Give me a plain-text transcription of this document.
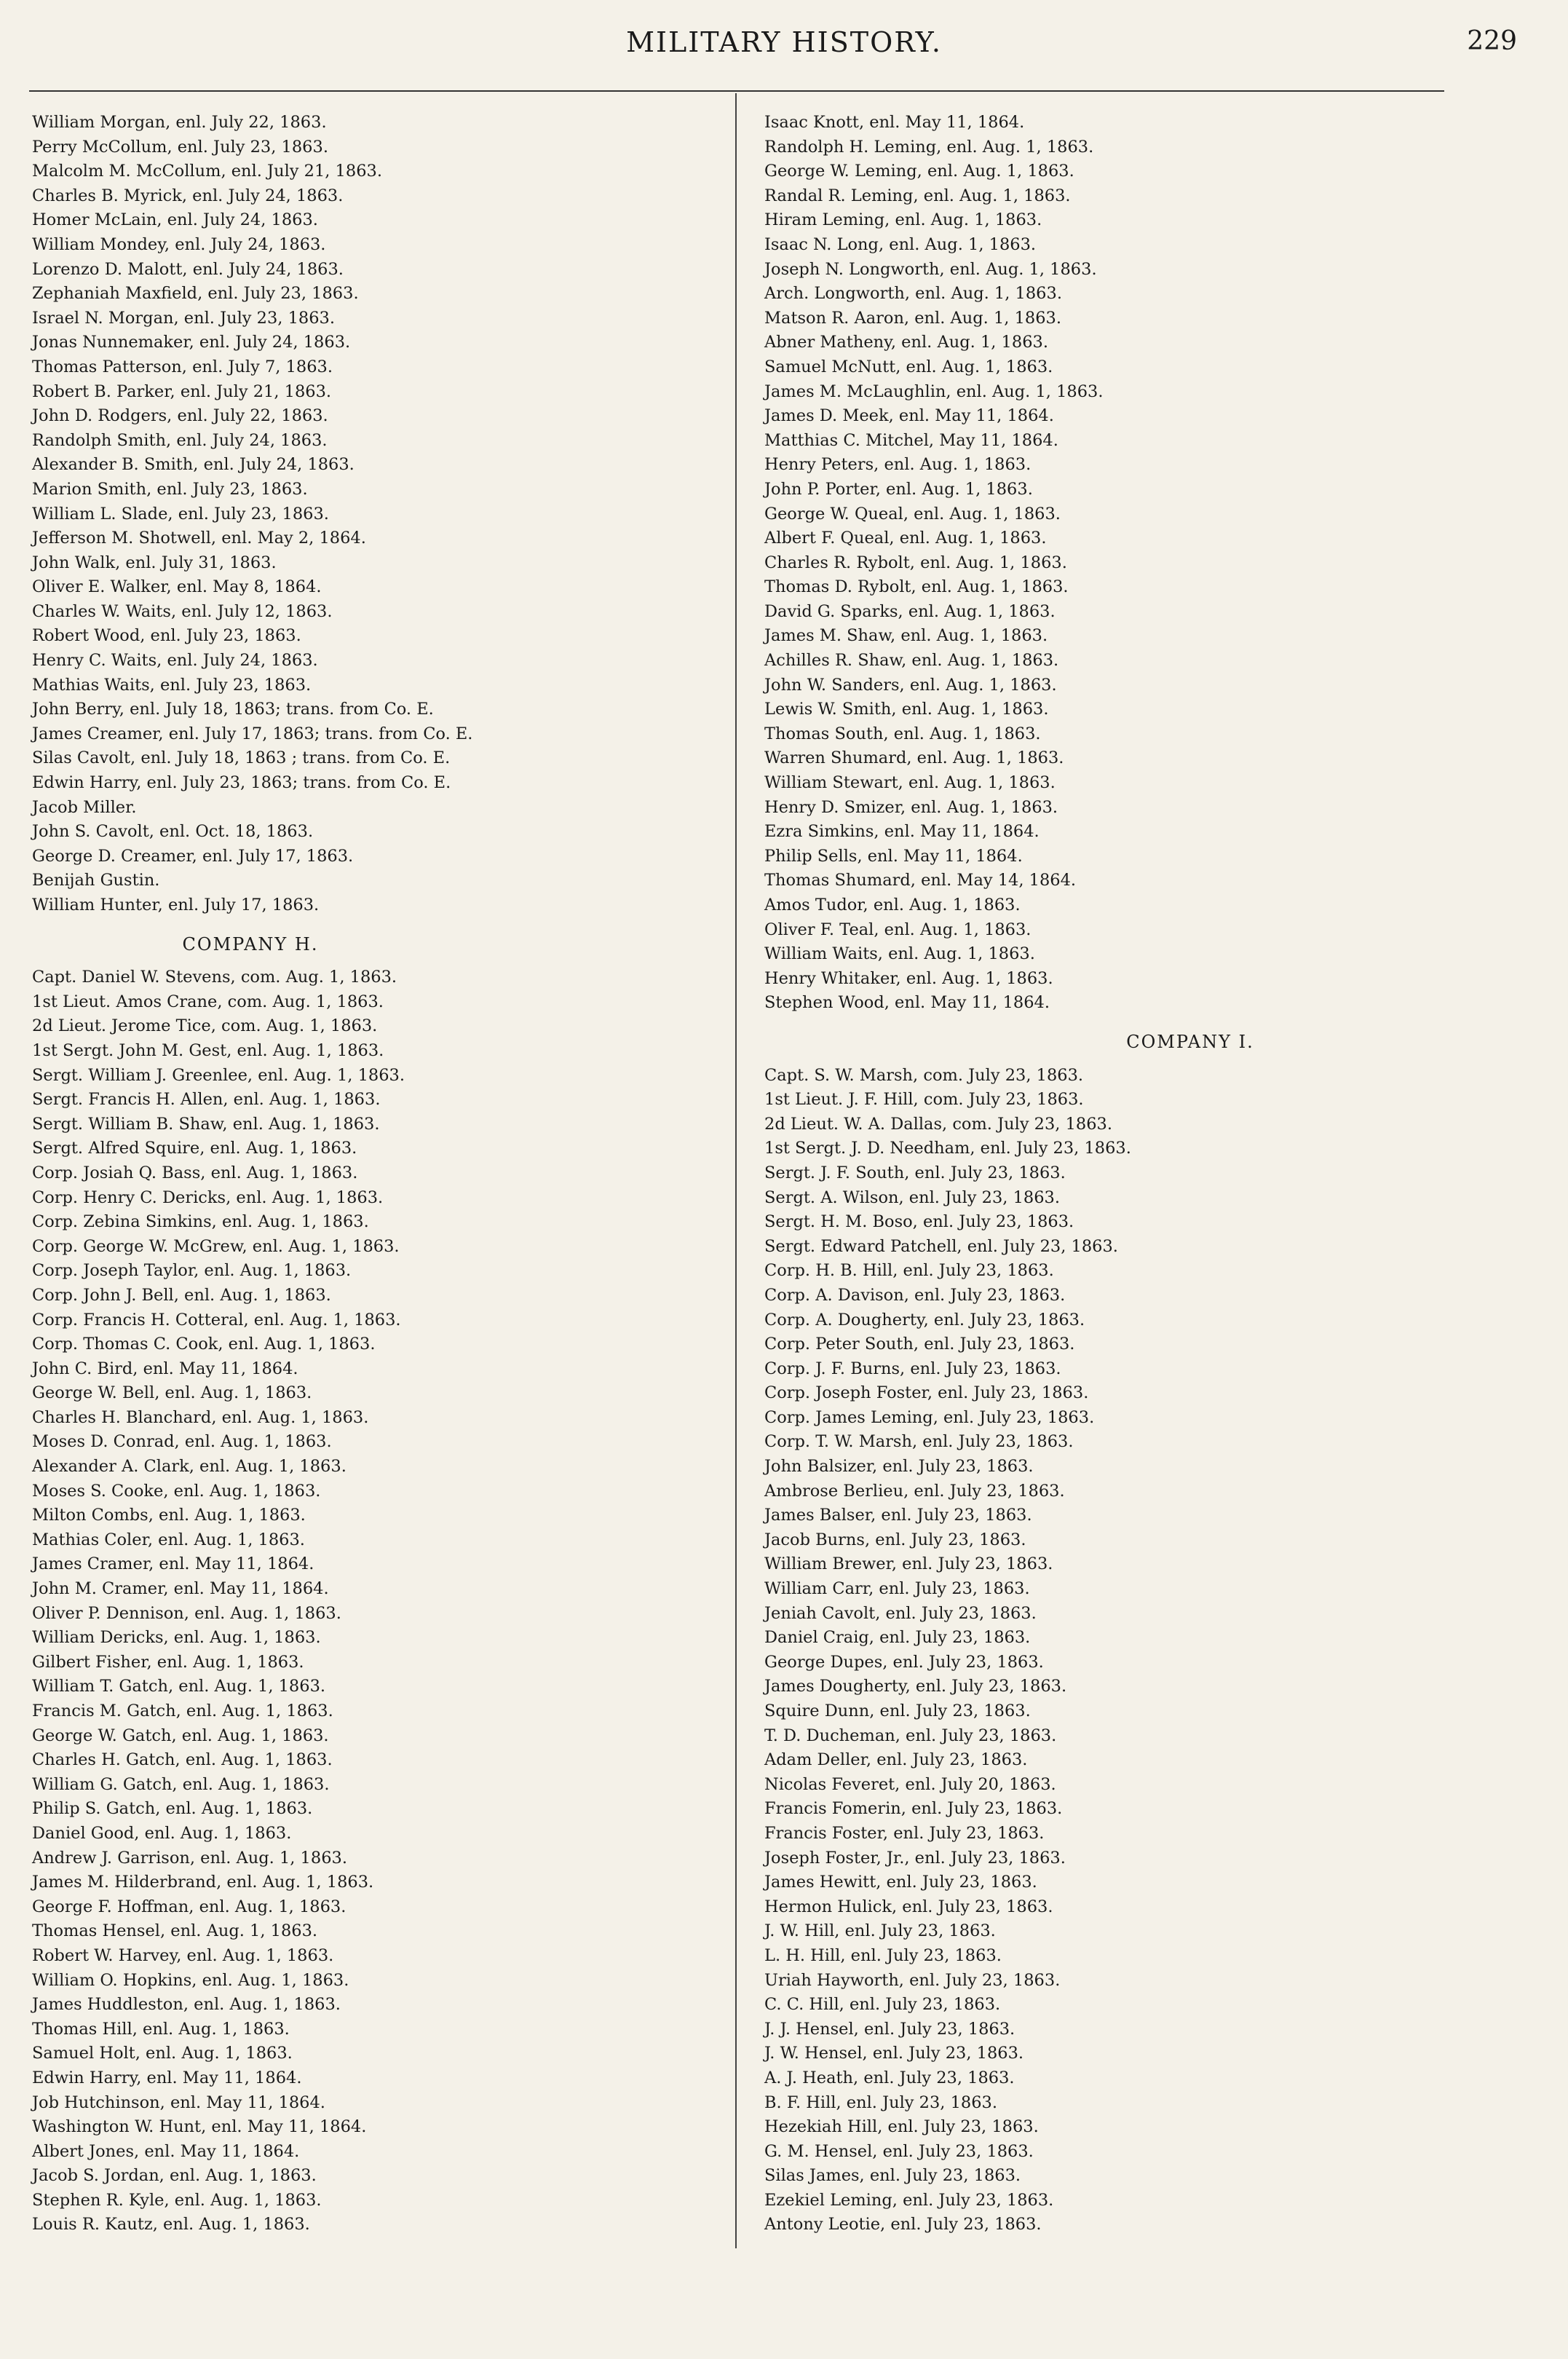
MILITARY HISTORY.	229
William Morgan, enl. July 22, 1863.
Perry McCollum, enl. July 23, 1863.
Malcolm M. McCollum, enl. July 21, 1863.
Charles B. Myrick, enl. July 24, 1863.
Homer McLain, enl. July 24, 1863.
William Mondey, enl. July 24, 1863.
Lorenzo D. Malott, enl. July 24, 1863.
Zephaniah Maxfield, enl. July 23, 1863.
Israel N. Morgan, enl. July 23, 1863.
Jonas Nunnemaker, enl. July 24, 1863.
Thomas Patterson, enl. July 7, 1863.
Robert B. Parker, enl. July 21, 1863.
John D. Rodgers, enl. July 22, 1863.
Randolph Smith, enl. July 24, 1863.
Alexander B. Smith, enl. July 24, 1863.
Marion Smith, enl. July 23, 1863.
William L. Slade, enl. July 23, 1863.
Jefferson M. Shotwell, enl. May 2, 1864.
John Walk, enl. July 31, 1863.
Oliver E. Walker, enl. May 8, 1864.
Charles W. Waits, enl. July 12, 1863.
Robert Wood, enl. July 23, 1863.
Henry C. Waits, enl. July 24, 1863.
Mathias Waits, enl. July 23, 1863.
John Berry, enl. July 18, 1863; trans. from Co. E.
James Creamer, enl. July 17, 1863; trans. from Co. E.
Silas Cavolt, enl. July 18, 1863 ; trans. from Co. E.
Edwin Harry, enl. July 23, 1863; trans. from Co. E.
Jacob Miller.
John S. Cavolt, enl. Oct. 18, 1863.
George D. Creamer, enl. July 17, 1863.
Benijah Gustin.
William Hunter, enl. July 17, 1863.
COMPANY H.
Capt. Daniel W. Stevens, com. Aug. 1, 1863.
1st Lieut. Amos Crane, com. Aug. 1, 1863.
2d Lieut. Jerome Tice, com. Aug. 1, 1863.
1st Sergt. John M. Gest, enl. Aug. 1, 1863.
Sergt. William J. Greenlee, enl. Aug. 1, 1863.
Sergt. Francis H. Allen, enl. Aug. 1, 1863.
Sergt. William B. Shaw, enl. Aug. 1, 1863.
Sergt. Alfred Squire, enl. Aug. 1, 1863.
Corp. Josiah Q. Bass, enl. Aug. 1, 1863.
Corp. Henry C. Dericks, enl. Aug. 1, 1863.
Corp. Zebina Simkins, enl. Aug. 1, 1863.
Corp. George W. McGrew, enl. Aug. 1, 1863.
Corp. Joseph Taylor, enl. Aug. 1, 1863.
Corp. John J. Bell, enl. Aug. 1, 1863.
Corp. Francis H. Cotteral, enl. Aug. 1, 1863.
Corp. Thomas C. Cook, enl. Aug. 1, 1863.
John C. Bird, enl. May 11, 1864.
George W. Bell, enl. Aug. 1, 1863.
Charles H. Blanchard, enl. Aug. 1, 1863.
Moses D. Conrad, enl. Aug. 1, 1863.
Alexander A. Clark, enl. Aug. 1, 1863.
Moses S. Cooke, enl. Aug. 1, 1863.
Milton Combs, enl. Aug. 1, 1863.
Mathias Coler, enl. Aug. 1, 1863.
James Cramer, enl. May 11, 1864.
John M. Cramer, enl. May 11, 1864.
Oliver P. Dennison, enl. Aug. 1, 1863.
William Dericks, enl. Aug. 1, 1863.
Gilbert Fisher, enl. Aug. 1, 1863.
William T. Gatch, enl. Aug. 1, 1863.
Francis M. Gatch, enl. Aug. 1, 1863.
George W. Gatch, enl. Aug. 1, 1863.
Charles H. Gatch, enl. Aug. 1, 1863.
William G. Gatch, enl. Aug. 1, 1863.
Philip S. Gatch, enl. Aug. 1, 1863.
Daniel Good, enl. Aug. 1, 1863.
Andrew J. Garrison, enl. Aug. 1, 1863.
James M. Hilderbrand, enl. Aug. 1, 1863.
George F. Hoffman, enl. Aug. 1, 1863.
Thomas Hensel, enl. Aug. 1, 1863.
Robert W. Harvey, enl. Aug. 1, 1863.
William O. Hopkins, enl. Aug. 1, 1863.
James Huddleston, enl. Aug. 1, 1863.
Thomas Hill, enl. Aug. 1, 1863.
Samuel Holt, enl. Aug. 1, 1863.
Edwin Harry, enl. May 11, 1864.
Job Hutchinson, enl. May 11, 1864.
Washington W. Hunt, enl. May 11, 1864.
Albert Jones, enl. May 11, 1864.
Jacob S. Jordan, enl. Aug. 1, 1863.
Stephen R. Kyle, enl. Aug. 1, 1863.
Louis R. Kautz, enl. Aug. 1, 1863.
Isaac Knott, enl. May 11, 1864.
Randolph H. Leming, enl. Aug. 1, 1863.
George W. Leming, enl. Aug. 1, 1863.
Randal R. Leming, enl. Aug. 1, 1863.
Hiram Leming, enl. Aug. 1, 1863.
Isaac N. Long, enl. Aug. 1, 1863.
Joseph N. Longworth, enl. Aug. 1, 1863.
Arch. Longworth, enl. Aug. 1, 1863.
Matson R. Aaron, enl. Aug. 1, 1863.
Abner Matheny, enl. Aug. 1, 1863.
Samuel McNutt, enl. Aug. 1, 1863.
James M. McLaughlin, enl. Aug. 1, 1863.
James D. Meek, enl. May 11, 1864.
Matthias C. Mitchel, May 11, 1864.
Henry Peters, enl. Aug. 1, 1863.
John P. Porter, enl. Aug. 1, 1863.
George W. Queal, enl. Aug. 1, 1863.
Albert F. Queal, enl. Aug. 1, 1863.
Charles R. Rybolt, enl. Aug. 1, 1863.
Thomas D. Rybolt, enl. Aug. 1, 1863.
David G. Sparks, enl. Aug. 1, 1863.
James M. Shaw, enl. Aug. 1, 1863.
Achilles R. Shaw, enl. Aug. 1, 1863.
John W. Sanders, enl. Aug. 1, 1863.
Lewis W. Smith, enl. Aug. 1, 1863.
Thomas South, enl. Aug. 1, 1863.
Warren Shumard, enl. Aug. 1, 1863.
William Stewart, enl. Aug. 1, 1863.
Henry D. Smizer, enl. Aug. 1, 1863.
Ezra Simkins, enl. May 11, 1864.
Philip Sells, enl. May 11, 1864.
Thomas Shumard, enl. May 14, 1864.
Amos Tudor, enl. Aug. 1, 1863.
Oliver F. Teal, enl. Aug. 1, 1863.
William Waits, enl. Aug. 1, 1863.
Henry Whitaker, enl. Aug. 1, 1863.
Stephen Wood, enl. May 11, 1864.
COMPANY I.
Capt. S. W. Marsh, com. July 23, 1863.
1st Lieut. J. F. Hill, com. July 23, 1863.
2d Lieut. W. A. Dallas, com. July 23, 1863.
1st Sergt. J. D. Needham, enl. July 23, 1863.
Sergt. J. F. South, enl. July 23, 1863.
Sergt. A. Wilson, enl. July 23, 1863.
Sergt. H. M. Boso, enl. July 23, 1863.
Sergt. Edward Patchell, enl. July 23, 1863.
Corp. H. B. Hill, enl. July 23, 1863.
Corp. A. Davison, enl. July 23, 1863.
Corp. A. Dougherty, enl. July 23, 1863.
Corp. Peter South, enl. July 23, 1863.
Corp. J. F. Burns, enl. July 23, 1863.
Corp. Joseph Foster, enl. July 23, 1863.
Corp. James Leming, enl. July 23, 1863.
Corp. T. W. Marsh, enl. July 23, 1863.
John Balsizer, enl. July 23, 1863.
Ambrose Berlieu, enl. July 23, 1863.
James Balser, enl. July 23, 1863.
Jacob Burns, enl. July 23, 1863.
William Brewer, enl. July 23, 1863.
William Carr, enl. July 23, 1863.
Jeniah Cavolt, enl. July 23, 1863.
Daniel Craig, enl. July 23, 1863.
George Dupes, enl. July 23, 1863.
James Dougherty, enl. July 23, 1863.
Squire Dunn, enl. July 23, 1863.
T. D. Ducheman, enl. July 23, 1863.
Adam Deller, enl. July 23, 1863.
Nicolas Feveret, enl. July 20, 1863.
Francis Fomerin, enl. July 23, 1863.
Francis Foster, enl. July 23, 1863.
Joseph Foster, Jr., enl. July 23, 1863.
James Hewitt, enl. July 23, 1863.
Hermon Hulick, enl. July 23, 1863.
J. W. Hill, enl. July 23, 1863.
L. H. Hill, enl. July 23, 1863.
Uriah Hayworth, enl. July 23, 1863.
C. C. Hill, enl. July 23, 1863.
J. J. Hensel, enl. July 23, 1863.
J. W. Hensel, enl. July 23, 1863.
A. J. Heath, enl. July 23, 1863.
B. F. Hill, enl. July 23, 1863.
Hezekiah Hill, enl. July 23, 1863.
G. M. Hensel, enl. July 23, 1863.
Silas James, enl. July 23, 1863.
Ezekiel Leming, enl. July 23, 1863.
Antony Leotie, enl. July 23, 1863.
